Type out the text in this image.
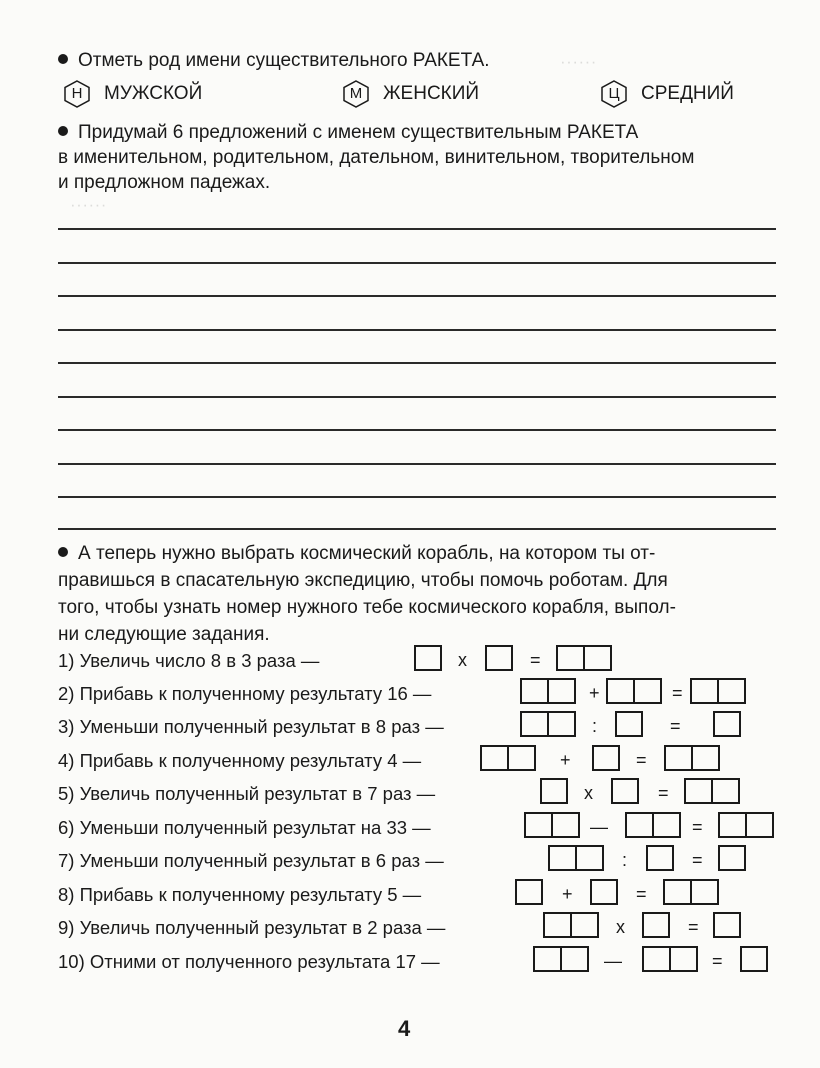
······
······
Отметь род имени существительного РАКЕТА.
Н	МУЖСКОЙ	М	ЖЕНСКИЙ	Ц	СРЕДНИЙ
Придумай 6 предложений с именем существительным РАКЕТА
в именительном, родительном, дательном, винительном, творительном
и предложном падежах.
А теперь нужно выбрать космический корабль, на котором ты от-
правишься в спасательную экспедицию, чтобы помочь роботам. Для
того, чтобы узнать номер нужного тебе космического корабля, выпол-
ни следующие задания.
1) Увеличь число 8 в 3 раза —	x	=
2) Прибавь к полученному результату 16 —	+	=
3) Уменьши полученный результат в 8 раз —	:	=
4) Прибавь к полученному результату 4 —	+	=
5) Увеличь полученный результат в 7 раз —	x	=
6) Уменьши полученный результат на 33 —	—	=
7) Уменьши полученный результат в 6 раз —	:	=
8) Прибавь к полученному результату 5 —	+	=
9) Увеличь полученный результат в 2 раза —	x	=
10) Отними от полученного результата 17 —	—	=
4
